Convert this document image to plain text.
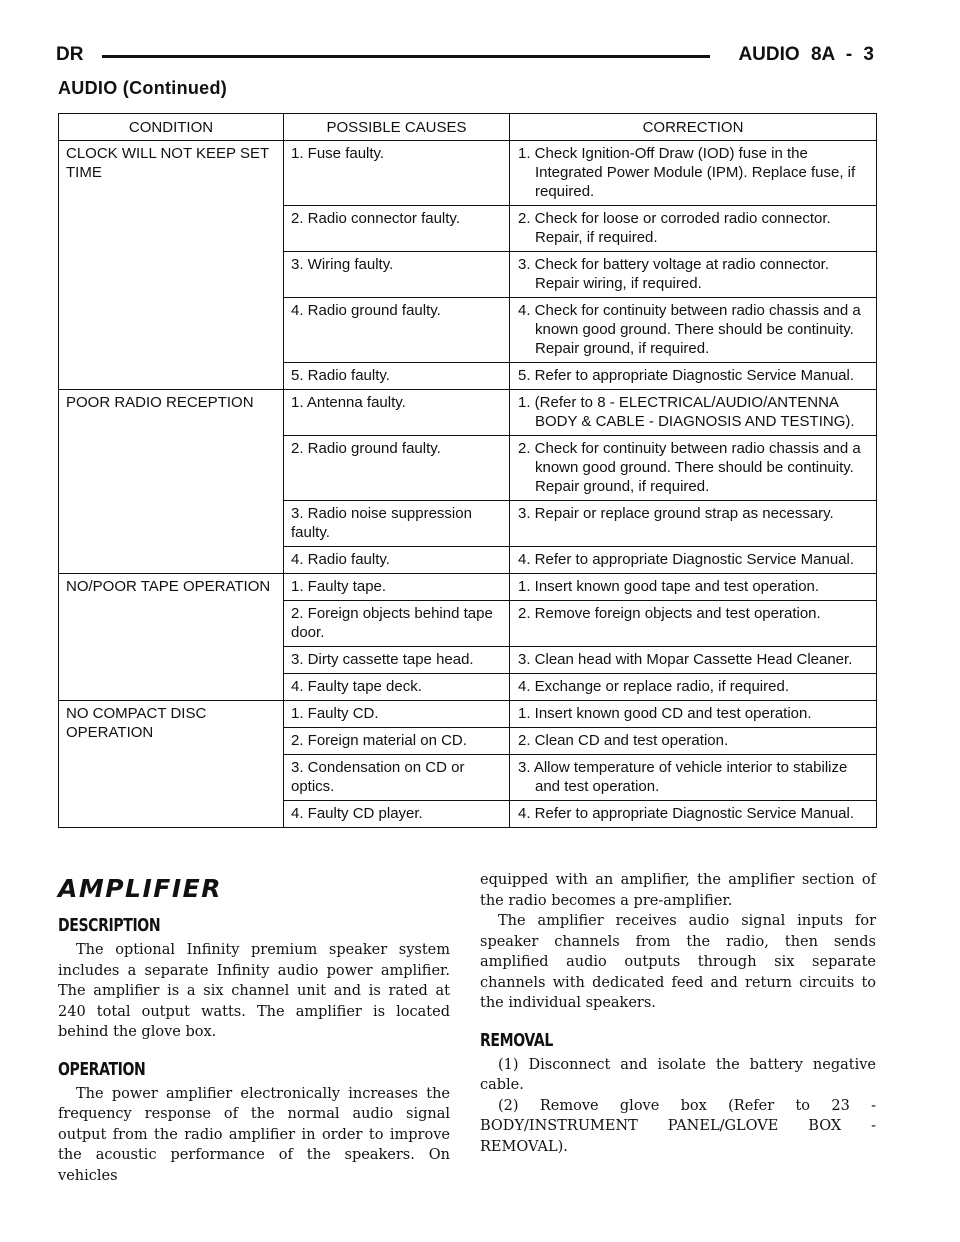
DR	AUDIO 8A - 3
AUDIO (Continued)
CONDITION	POSSIBLE CAUSES	CORRECTION
CLOCK WILL NOT KEEP SET TIME	1. Fuse faulty.	1. Check Ignition-Off Draw (IOD) fuse in the Integrated Power Module (IPM). Replace fuse, if required.

	2. Radio connector faulty.	2. Check for loose or corroded radio connector. Repair, if required.

	3. Wiring faulty.	3. Check for battery voltage at radio connector. Repair wiring, if required.

	4. Radio ground faulty.	4. Check for continuity between radio chassis and a known good ground. There should be continuity. Repair ground, if required.

	5. Radio faulty.	5. Refer to appropriate Diagnostic Service Manual.

POOR RADIO RECEPTION	1. Antenna faulty.	1. (Refer to 8 - ELECTRICAL/AUDIO/ANTENNA BODY & CABLE - DIAGNOSIS AND TESTING).

	2. Radio ground faulty.	2. Check for continuity between radio chassis and a known good ground. There should be continuity. Repair ground, if required.

	3. Radio noise suppression faulty.	3. Repair or replace ground strap as necessary.

	4. Radio faulty.	4. Refer to appropriate Diagnostic Service Manual.

NO/POOR TAPE OPERATION	1. Faulty tape.	1. Insert known good tape and test operation.

	2. Foreign objects behind tape door.	2. Remove foreign objects and test operation.

	3. Dirty cassette tape head.	3. Clean head with Mopar Cassette Head Cleaner.

	4. Faulty tape deck.	4. Exchange or replace radio, if required.

NO COMPACT DISC OPERATION	1. Faulty CD.	1. Insert known good CD and test operation.

	2. Foreign material on CD.	2. Clean CD and test operation.

	3. Condensation on CD or optics.	3. Allow temperature of vehicle interior to stabilize and test operation.

	4. Faulty CD player.	4. Refer to appropriate Diagnostic Service Manual.
AMPLIFIER
DESCRIPTION

The optional Infinity premium speaker system includes a separate Infinity audio power amplifier. The amplifier is a six channel unit and is rated at 240 total output watts. The amplifier is located behind the glove box.

OPERATION

The power amplifier electronically increases the frequency response of the normal audio signal output from the radio amplifier in order to improve the acoustic performance of the speakers. On vehicles

equipped with an amplifier, the amplifier section of the radio becomes a pre-amplifier.

The amplifier receives audio signal inputs for speaker channels from the radio, then sends amplified audio outputs through six separate channels with dedicated feed and return circuits to the individual speakers.

REMOVAL

(1) Disconnect and isolate the battery negative cable.

(2) Remove glove box (Refer to 23 - BODY/INSTRUMENT PANEL/GLOVE BOX - REMOVAL).
